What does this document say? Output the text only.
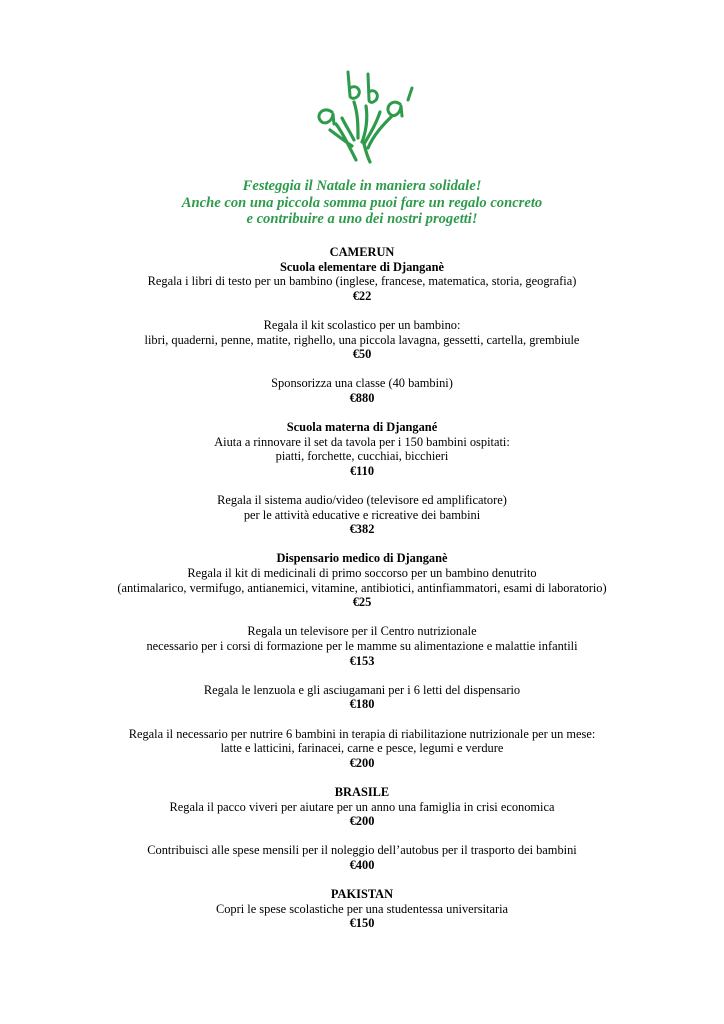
Festeggia il Natale in maniera solidale!
Anche con una piccola somma puoi fare un regalo concreto
e contribuire a uno dei nostri progetti!
CAMERUN
Scuola elementare di Djanganè
Regala i libri di testo per un bambino (inglese, francese, matematica, storia, geografia)
€22
Regala il kit scolastico per un bambino:
libri, quaderni, penne, matite, righello, una piccola lavagna, gessetti, cartella, grembiule
€50
Sponsorizza una classe (40 bambini)
€880
Scuola materna di Djangané
Aiuta a rinnovare il set da tavola per i 150 bambini ospitati:
piatti, forchette, cucchiai, bicchieri
€110
Regala il sistema audio/video (televisore ed amplificatore)
per le attività educative e ricreative dei bambini
€382
Dispensario medico di Djanganè
Regala il kit di medicinali di primo soccorso per un bambino denutrito
(antimalarico, vermifugo, antianemici, vitamine, antibiotici, antinfiammatori, esami di laboratorio)
€25
Regala un televisore per il Centro nutrizionale
necessario per i corsi di formazione per le mamme su alimentazione e malattie infantili
€153
Regala le lenzuola e gli asciugamani per i 6 letti del dispensario
€180
Regala il necessario per nutrire 6 bambini in terapia di riabilitazione nutrizionale per un mese:
latte e latticini, farinacei, carne e pesce, legumi e verdure
€200
BRASILE
Regala il pacco viveri per aiutare per un anno una famiglia in crisi economica
€200
Contribuisci alle spese mensili per il noleggio dell’autobus per il trasporto dei bambini
€400
PAKISTAN
Copri le spese scolastiche per una studentessa universitaria
€150
